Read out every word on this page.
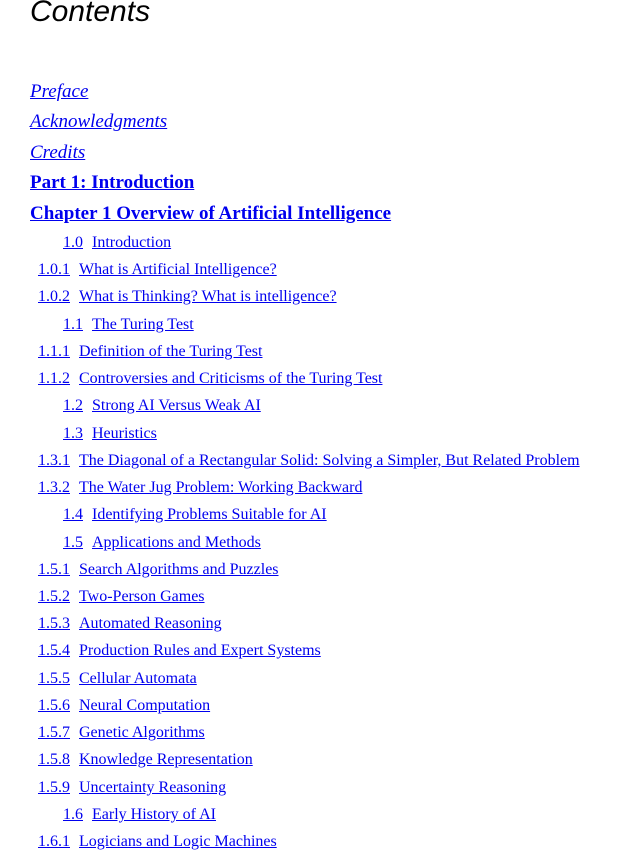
Contents
Preface
Acknowledgments
Credits
Part 1: Introduction
Chapter 1 Overview of Artificial Intelligence
1.0 Introduction
1.0.1 What is Artificial Intelligence?
1.0.2 What is Thinking? What is intelligence?
1.1 The Turing Test
1.1.1 Definition of the Turing Test
1.1.2 Controversies and Criticisms of the Turing Test
1.2 Strong AI Versus Weak AI
1.3 Heuristics
1.3.1 The Diagonal of a Rectangular Solid: Solving a Simpler, But Related Problem
1.3.2 The Water Jug Problem: Working Backward
1.4 Identifying Problems Suitable for AI
1.5 Applications and Methods
1.5.1 Search Algorithms and Puzzles
1.5.2 Two-Person Games
1.5.3 Automated Reasoning
1.5.4 Production Rules and Expert Systems
1.5.5 Cellular Automata
1.5.6 Neural Computation
1.5.7 Genetic Algorithms
1.5.8 Knowledge Representation
1.5.9 Uncertainty Reasoning
1.6 Early History of AI
1.6.1 Logicians and Logic Machines
